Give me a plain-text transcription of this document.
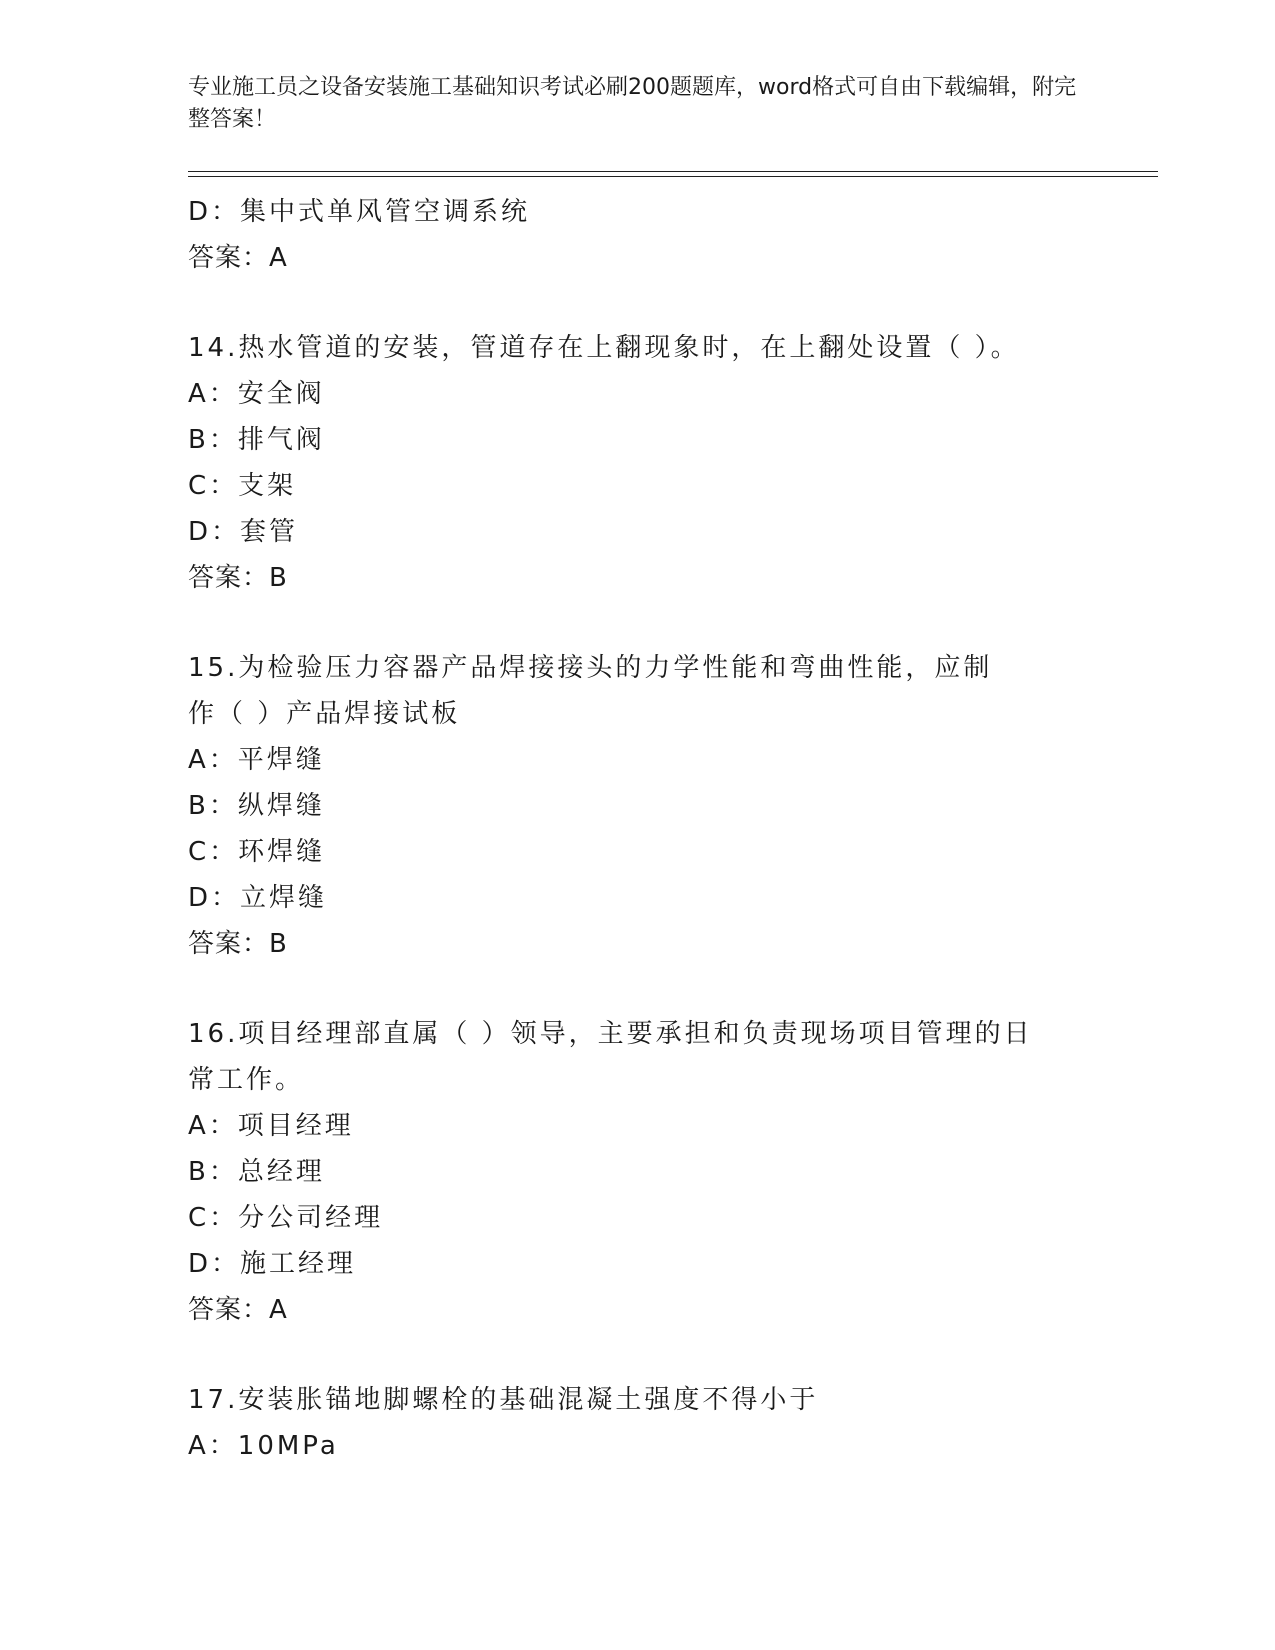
专业施工员之设备安装施工基础知识考试必刷200题题库，word格式可自由下载编辑，附完整答案！
D：集中式单风管空调系统
答案：A
14.热水管道的安装，管道存在上翻现象时，在上翻处设置（ ）。
A：安全阀
B：排气阀
C：支架
D：套管
答案：B
15.为检验压力容器产品焊接接头的力学性能和弯曲性能，应制作（ ）产品焊接试板
A：平焊缝
B：纵焊缝
C：环焊缝
D：立焊缝
答案：B
16.项目经理部直属（ ）领导，主要承担和负责现场项目管理的日常工作。
A：项目经理
B：总经理
C：分公司经理
D：施工经理
答案：A
17.安装胀锚地脚螺栓的基础混凝土强度不得小于
A：10MPa
